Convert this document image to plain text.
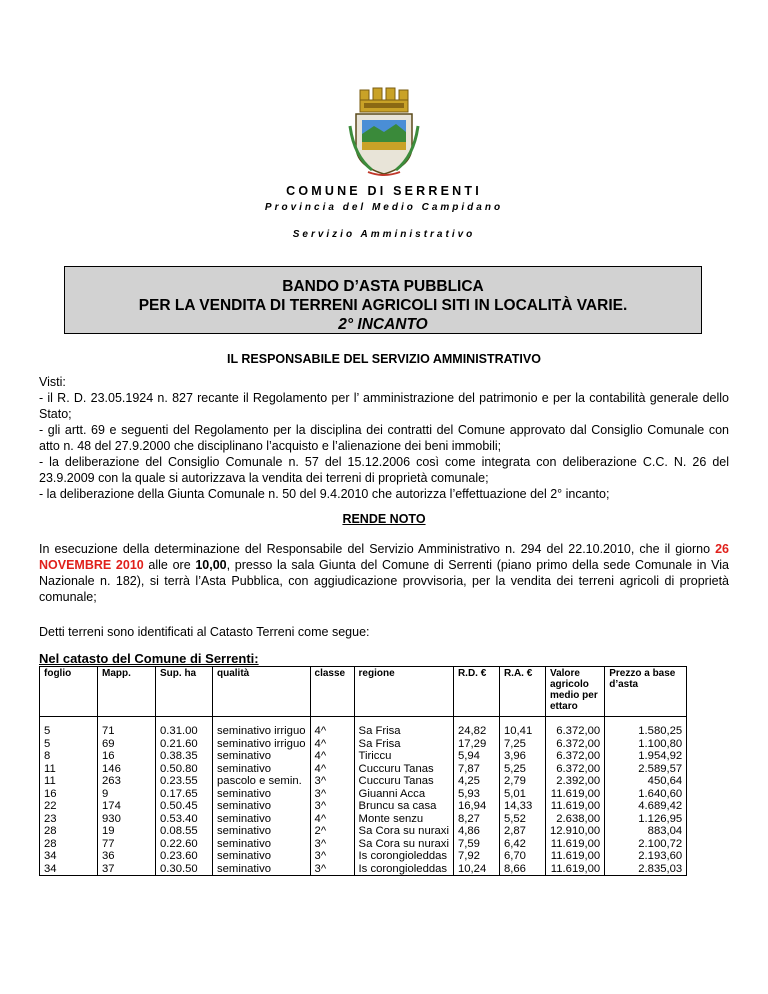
COMUNE DI SERRENTI
Provincia del Medio Campidano
Servizio Amministrativo
BANDO D’ASTA PUBBLICA
PER LA VENDITA DI TERRENI AGRICOLI SITI IN LOCALITÀ VARIE.
2° INCANTO
IL RESPONSABILE DEL SERVIZIO AMMINISTRATIVO

Visti:

- il R. D. 23.05.1924 n. 827 recante il Regolamento per l’ amministrazione del patrimonio e per la contabilità generale dello Stato;

- gli artt. 69 e seguenti del Regolamento per la disciplina dei contratti del Comune approvato dal Consiglio Comunale con atto n. 48 del 27.9.2000 che disciplinano l’acquisto e l’alienazione dei beni immobili;

- la deliberazione del Consiglio Comunale n. 57 del 15.12.2006 così come integrata con deliberazione C.C. N. 26 del 23.9.2009 con la quale si autorizzava la vendita dei terreni di proprietà comunale;

- la deliberazione della Giunta Comunale n. 50 del 9.4.2010 che autorizza l’effettuazione del 2° incanto;

RENDE NOTO
In esecuzione della determinazione del Responsabile del Servizio Amministrativo n. 294 del 22.10.2010, che il giorno 26 NOVEMBRE 2010 alle ore 10,00, presso la sala Giunta del Comune di Serrenti (piano primo della sede Comunale in Via Nazionale n. 182), si terrà l’Asta Pubblica, con aggiudicazione provvisoria, per la vendita dei terreni agricoli di proprietà comunale;
Detti terreni sono identificati al Catasto Terreni come segue:
Nel catasto del Comune di Serrenti:
foglio	Mapp.	Sup. ha	qualità	classe	regione	R.D. €	R.A. €	Valore agricolo medio per ettaro	Prezzo a base d’asta

5	71	0.31.00	seminativo irriguo	4^	Sa Frisa	24,82	10,41	6.372,00	1.580,25
5	69	0.21.60	seminativo irriguo	4^	Sa Frisa	17,29	7,25	6.372,00	1.100,80
8	16	0.38.35	seminativo	4^	Tiriccu	5,94	3,96	6.372,00	1.954,92
11	146	0.50.80	seminativo	4^	Cuccuru Tanas	7,87	5,25	6.372,00	2.589,57
11	263	0.23.55	pascolo e semin.	3^	Cuccuru Tanas	4,25	2,79	2.392,00	450,64
16	9	0.17.65	seminativo	3^	Giuanni Acca	5,93	5,01	11.619,00	1.640,60
22	174	0.50.45	seminativo	3^	Bruncu sa casa	16,94	14,33	11.619,00	4.689,42
23	930	0.53.40	seminativo	4^	Monte senzu	8,27	5,52	2.638,00	1.126,95
28	19	0.08.55	seminativo	2^	Sa Cora su nuraxi	4,86	2,87	12.910,00	883,04
28	77	0.22.60	seminativo	3^	Sa Cora su nuraxi	7,59	6,42	11.619,00	2.100,72
34	36	0.23.60	seminativo	3^	Is corongioleddas	7,92	6,70	11.619,00	2.193,60
34	37	0.30.50	seminativo	3^	Is corongioleddas	10,24	8,66	11.619,00	2.835,03
